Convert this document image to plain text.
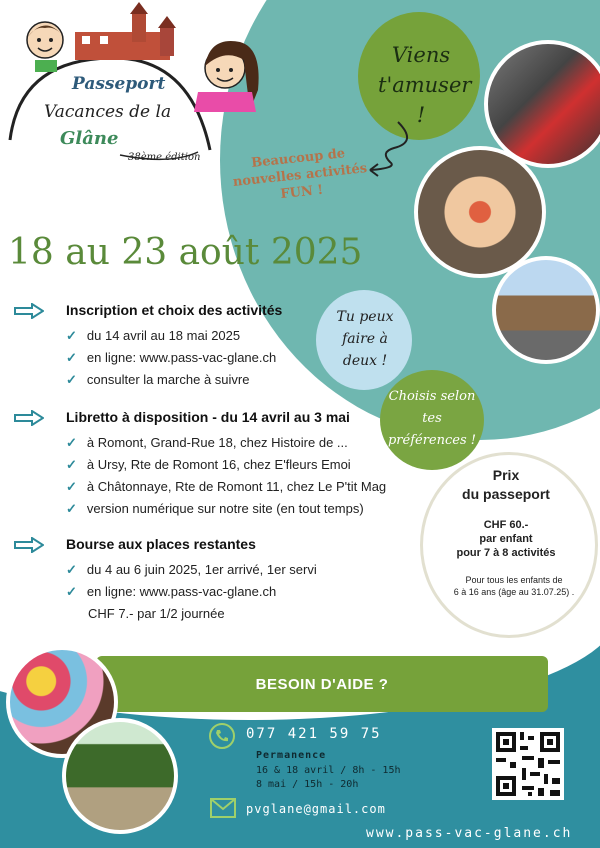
Passeport
Vacances de la
Glâne
38ème édition
Viens t'amuser !
Beaucoup de nouvelles activités FUN !
18 au 23 août 2025
Tu peux faire à deux !
Choisis selon tes préférences !
Inscription et choix des activités
✓ du 14 avril au 18 mai 2025
✓ en ligne: www.pass-vac-glane.ch
✓ consulter la marche à suivre
Libretto à disposition - du 14 avril au 3 mai
✓ à Romont, Grand-Rue 18, chez Histoire de ...
✓ à Ursy, Rte de Romont 16, chez E'fleurs Emoi
✓ à Châtonnaye, Rte de Romont 11, chez Le P'tit Mag
✓ version numérique sur notre site (en tout temps)
Bourse aux places restantes
✓ du 4 au 6 juin 2025, 1er arrivé, 1er servi
✓ en ligne: www.pass-vac-glane.ch
CHF 7.- par 1/2 journée
Prix
du passeport
CHF 60.-
par enfant
pour 7 à 8 activités
Pour tous les enfants de
6 à 16 ans (âge au 31.07.25) .
BESOIN D'AIDE ?
077 421 59 75
Permanence
16 & 18 avril / 8h - 15h
8 mai / 15h - 20h
pvglane@gmail.com
www.pass-vac-glane.ch
